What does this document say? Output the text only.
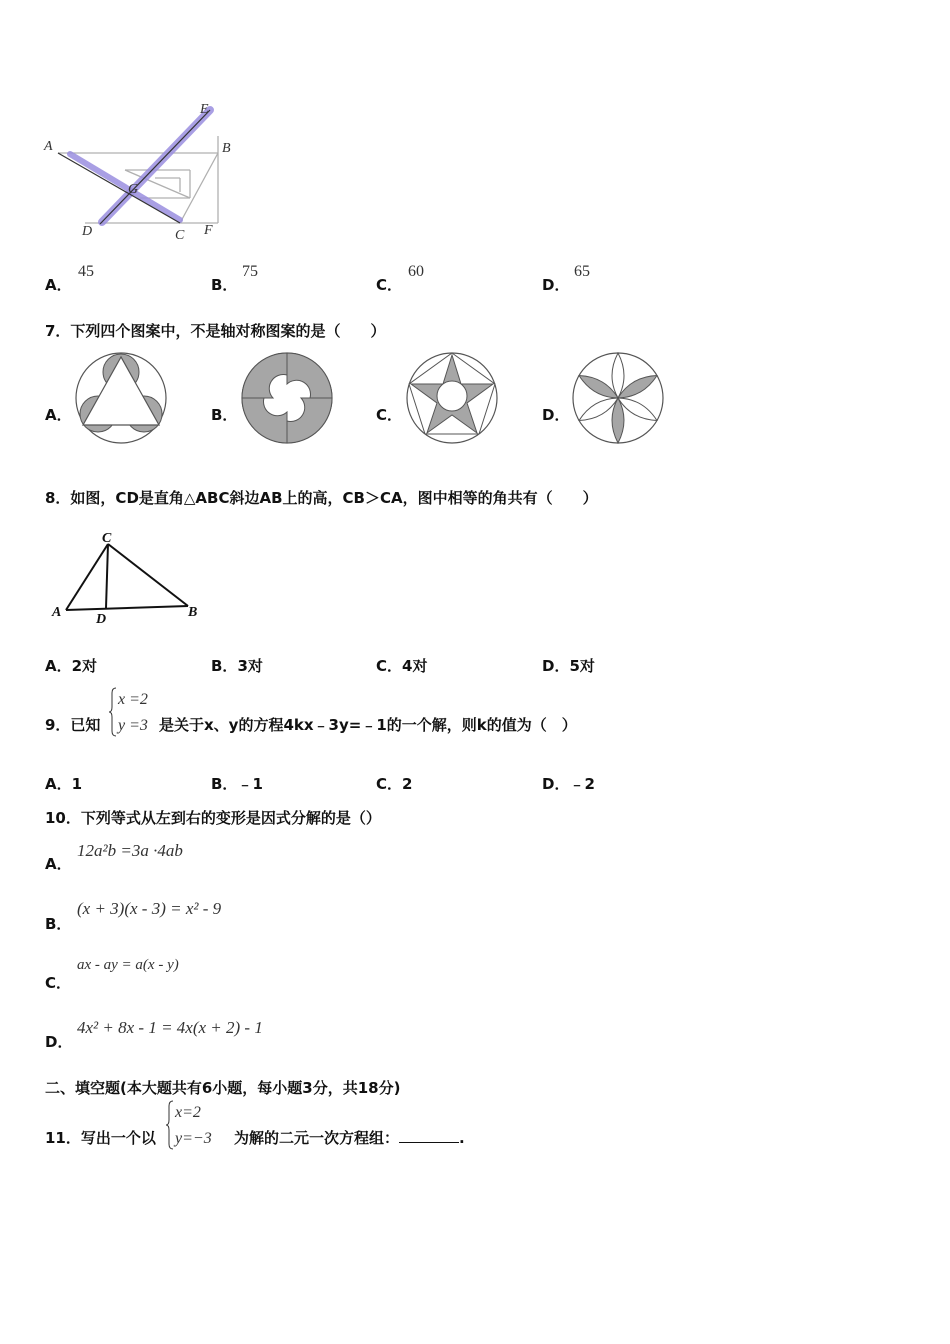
A	B
E
G
D	C F
A．
45
B．
75
C．
60
D．
65
7．下列四个图案中，不是轴对称图案的是（　　）
A．	B．	C．	D．
8．如图，CD是直角△ABC斜边AB上的高，CB＞CA，图中相等的角共有（　　）
C
A D	B
A．2对	B．3对	C．4对	D．5对
9．已知
x =2
y =3 是关于x、y的方程4kx﹣3y=﹣1的一个解，则k的值为（　）
A．1	B．﹣1	C．2	D．﹣2
10．下列等式从左到右的变形是因式分解的是（）
A．
12a²b =3a ·4ab
B．
(x + 3)(x - 3) = x² - 9
C．
ax - ay = a(x - y)
D．
4x² + 8x - 1 = 4x(x + 2) - 1
二、填空题(本大题共有6小题，每小题3分，共18分)
11．写出一个以
x=2
y=−3 为解的二元一次方程组：	.
